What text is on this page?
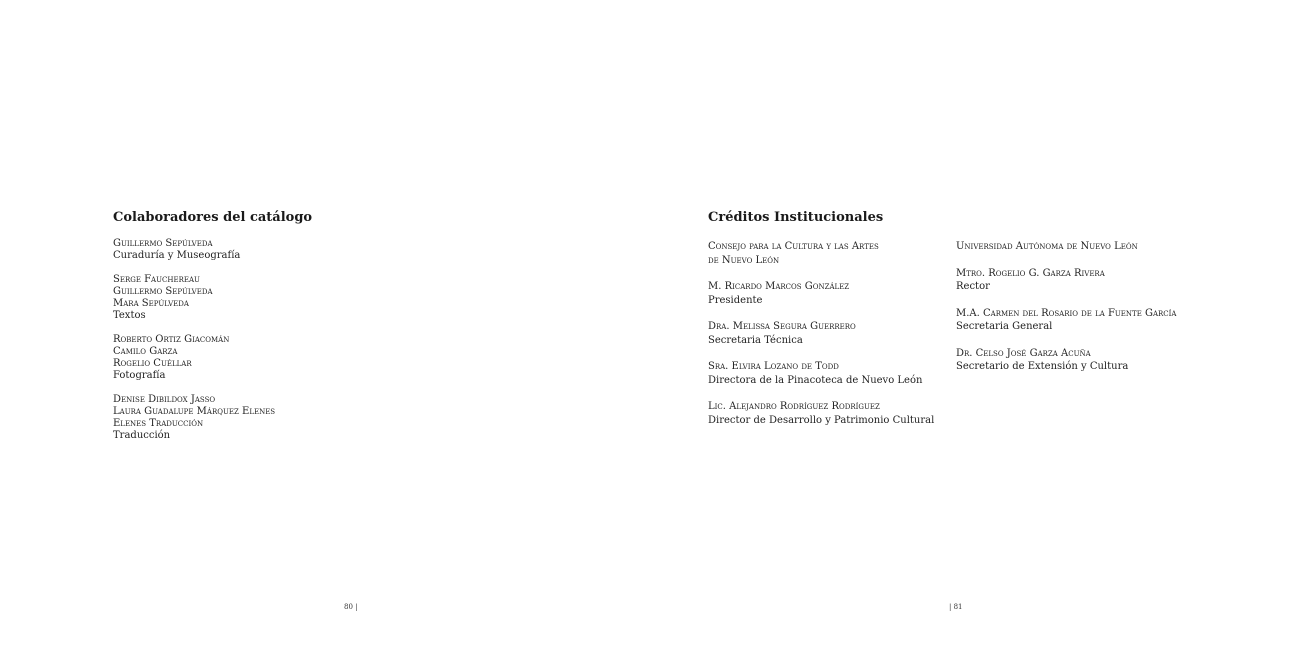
Colaboradores del catálogo
Guillermo Sepúlveda
Curaduría y Museografía
Serge Fauchereau
Guillermo Sepúlveda
Mara Sepúlveda
Textos
Roberto Ortiz Giacomán
Camilo Garza
Rogelio Cuéllar
Fotografía
Denise Dibildox Jasso
Laura Guadalupe Márquez Elenes
Elenes Traducción
Traducción
80 |
Créditos Institucionales
Consejo para la Cultura y las Artes
de Nuevo León
M. Ricardo Marcos González
Presidente
Dra. Melissa Segura Guerrero
Secretaria Técnica
Sra. Elvira Lozano de Todd
Directora de la Pinacoteca de Nuevo León
Lic. Alejandro Rodríguez Rodríguez
Director de Desarrollo y Patrimonio Cultural
Universidad Autónoma de Nuevo León
Mtro. Rogelio G. Garza Rivera
Rector
M.A. Carmen del Rosario de la Fuente García
Secretaria General
Dr. Celso José Garza Acuña
Secretario de Extensión y Cultura
| 81
